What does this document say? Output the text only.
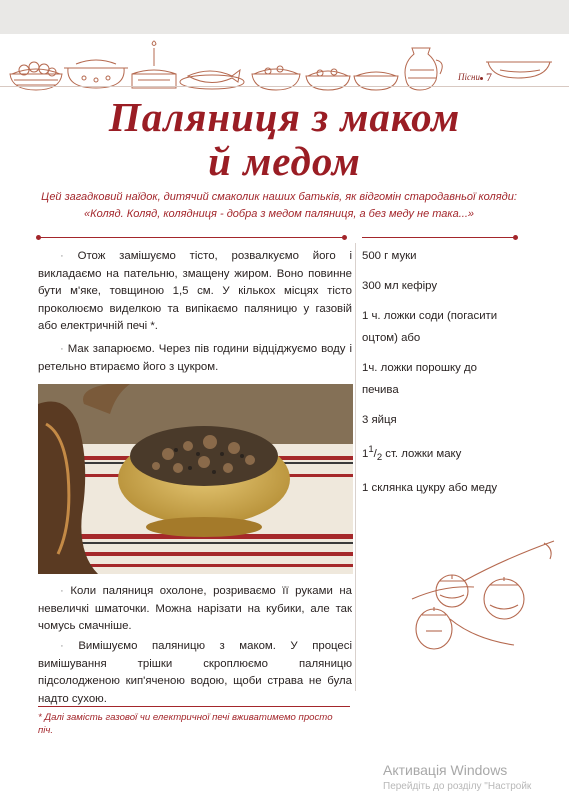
Пісни 7
Паляниця з маком
й медом

Цей загадковий наїдок, дитячий смаколик наших батьків, як відгомін стародавньої коляди: «Коляд. Коляд, колядниця - добра з медом паляниця, а без меду не така...»

· Отож замішуємо тісто, розвалкуємо його і викладаємо на пательню, змащену жиром. Воно повинне бути м'яке, товщиною 1,5 см. У кількох місцях тісто проколюємо виделкою та випікаємо паляницю у газовій або електричній печі *.

· Мак запарюємо. Через пів години відціджуємо воду і ретельно втираємо його з цукром.

· Коли паляниця охолоне, розриваємо її руками на невеличкі шматочки. Можна нарізати на кубики, але так чомусь смачніше.

· Вимішуємо паляницю з маком. У процесі вимішування трішки скроплюємо паляницю підсолодженою кип'яченою водою, щоби страва не була надто сухою.

500 г муки
300 мл кефіру
1 ч. ложки соди (погасити оцтом) або
1ч. ложки порошку до печива
3 яйця
$1^1/_2$ ст. ложки маку
1 склянка цукру або меду

* Далі замість газової чи електричної печі вживатимемо просто піч.

Активація Windows
Перейдіть до розділу "Настройк
